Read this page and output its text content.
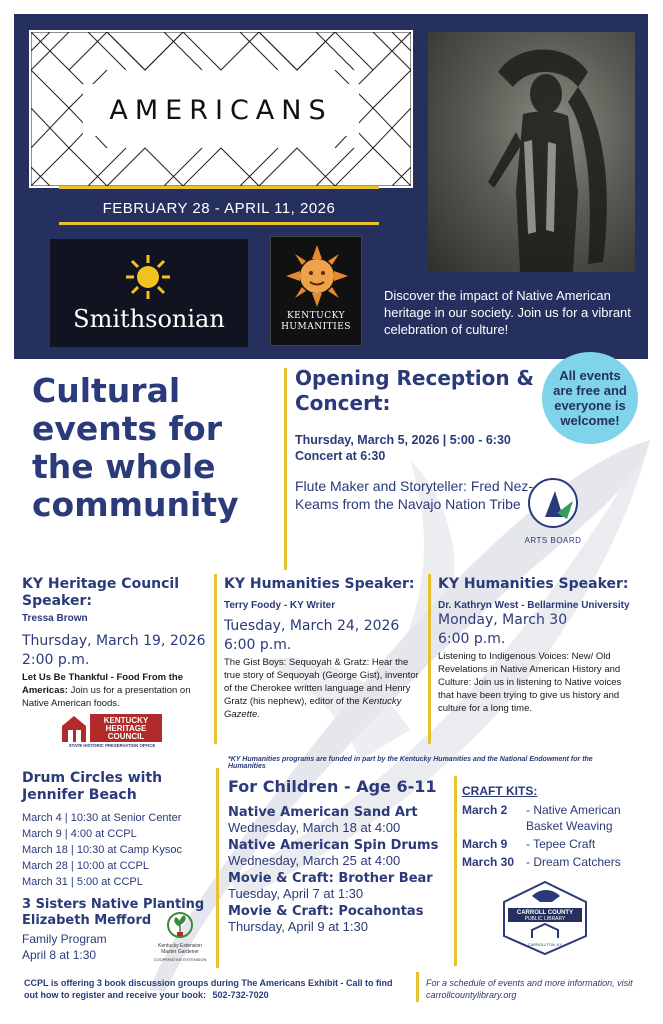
AMERICANS
FEBRUARY 28 - APRIL 11, 2026
Smithsonian	KENTUCKY
HUMANITIES
Discover the impact of Native American heritage in our society. Join us for a vibrant celebration of culture!
All events are free and everyone is welcome!
Cultural events for the whole community
Opening Reception & Concert:
Thursday, March 5, 2026 | 5:00 - 6:30
Concert at 6:30
Flute Maker and Storyteller: Fred Nez-Keams from the Navajo Nation Tribe
ARTS BOARD
KY Heritage Council Speaker:
Tressa Brown
Thursday, March 19, 2026
2:00 p.m.
Let Us Be Thankful - Food From the Americas: Join us for a presentation on Native American foods.
KENTUCKY
HERITAGE
COUNCIL
STATE HISTORIC PRESERVATION OFFICE
KY Humanities Speaker:
Terry Foody - KY Writer
Tuesday, March 24, 2026
6:00 p.m.
The Gist Boys: Sequoyah & Gratz: Hear the true story of Sequoyah (George Gist), inventor of the Cherokee written language and Henry Gratz (his nephew), editor of the Kentucky Gazette.
KY Humanities Speaker:
Dr. Kathryn West - Bellarmine University
Monday, March 30
6:00 p.m.
Listening to Indigenous Voices: New/ Old Revelations in Native American History and Culture: Join us in listening to Native voices that have been trying to give us history and culture for a long time.
*KY Humanities programs are funded in part by the Kentucky Humanities and the National Endowment for the Humanities
Drum Circles with Jennifer Beach
March 4 | 10:30 at Senior Center
March 9 | 4:00 at CCPL
March 18 | 10:30 at Camp Kysoc
March 28 | 10:00 at CCPL
March 31 | 5:00 at CCPL
3 Sisters Native Planting Elizabeth Mefford
Family Program
April 8 at 1:30
Kentucky Extension Master Gardener
COOPERATIVE EXTENSION
For Children - Age 6-11
Native American Sand Art
Wednesday, March 18 at 4:00
Native American Spin Drums
Wednesday, March 25 at 4:00
Movie & Craft: Brother Bear
Tuesday, April 7 at 1:30
Movie & Craft: Pocahontas
Thursday, April 9 at 1:30
CRAFT KITS:
March 2	- Native American Basket Weaving
March 9	- Tepee Craft
March 30 - Dream Catchers
CARROLL COUNTY
PUBLIC LIBRARY
CARROLLTON, KY
CCPL is offering 3 book discussion groups during The Americans Exhibit - Call to find out how to register and receive your book: 502-732-7020
For a schedule of events and more information, visit carrollcountylibrary.org
